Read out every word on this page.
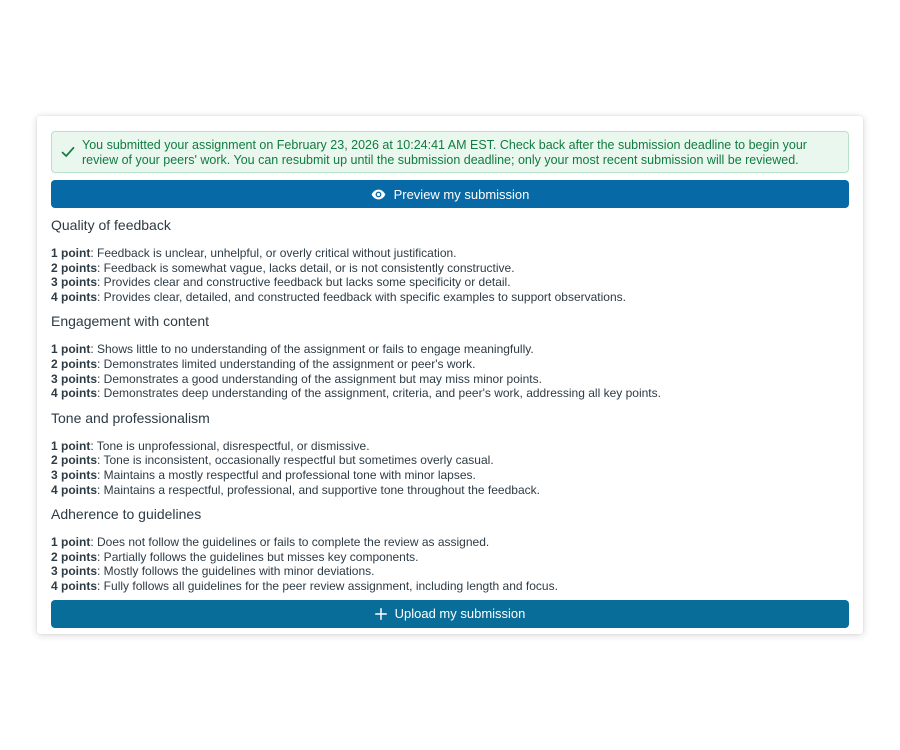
You submitted your assignment on February 23, 2026 at 10:24:41 AM EST. Check back after the submission deadline to begin your review of your peers' work. You can resubmit up until the submission deadline; only your most recent submission will be reviewed.
Preview my submission
Quality of feedback
1 point: Feedback is unclear, unhelpful, or overly critical without justification.
2 points: Feedback is somewhat vague, lacks detail, or is not consistently constructive.
3 points: Provides clear and constructive feedback but lacks some specificity or detail.
4 points: Provides clear, detailed, and constructed feedback with specific examples to support observations.
Engagement with content
1 point: Shows little to no understanding of the assignment or fails to engage meaningfully.
2 points: Demonstrates limited understanding of the assignment or peer's work.
3 points: Demonstrates a good understanding of the assignment but may miss minor points.
4 points: Demonstrates deep understanding of the assignment, criteria, and peer's work, addressing all key points.
Tone and professionalism
1 point: Tone is unprofessional, disrespectful, or dismissive.
2 points: Tone is inconsistent, occasionally respectful but sometimes overly casual.
3 points: Maintains a mostly respectful and professional tone with minor lapses.
4 points: Maintains a respectful, professional, and supportive tone throughout the feedback.
Adherence to guidelines
1 point: Does not follow the guidelines or fails to complete the review as assigned.
2 points: Partially follows the guidelines but misses key components.
3 points: Mostly follows the guidelines with minor deviations.
4 points: Fully follows all guidelines for the peer review assignment, including length and focus.
Upload my submission
